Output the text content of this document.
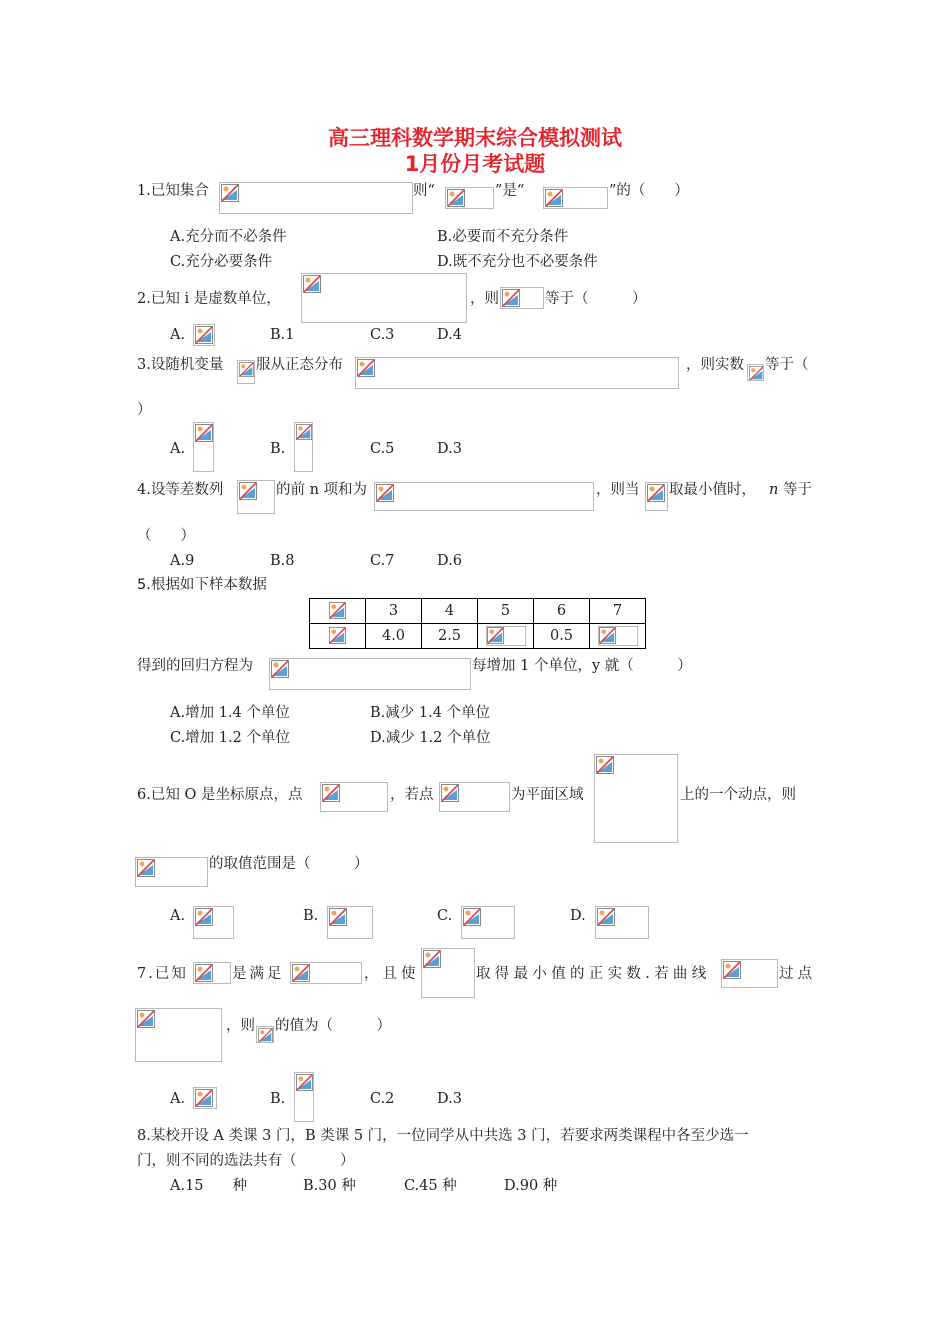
高三理科数学期末综合模拟测试
1月份月考试题
1.已知集合	则“	”是“	”的（　　）
A.充分而不必条件	B.必要而不充分条件
C.充分必要条件	D.既不充分也不必要条件
2.已知 i 是虚数单位，	，则	等于（　　　）
A.	B.1	C.3	D.4
3.设随机变量 服从正态分布	，则实数 等于（
）
A.	B.	C.5	D.3
4.设等差数列	的前 n 项和为	，则当 取最小值时， n 等于
（　　）
A.9	B.8	C.7	D.6
5.根据如下样本数据
	3	4	5	6	7

	4.0	2.5		0.5	
得到的回归方程为	每增加 1 个单位，y 就（　　　）
A.增加 1.4 个单位	B.减少 1.4 个单位
C.增加 1.2 个单位	D.减少 1.2 个单位
6.已知 O 是坐标原点，点	，若点	为平面区域	上的一个动点，则
的取值范围是（　　　）
A.	B.	C.	D.
7.已知	是满足	，且使	取得最小值的正实数.若曲线	过点
，则 的值为（　　　）
A.	B.	C.2	D.3
8.某校开设 A 类课 3 门，B 类课 5 门，一位同学从中共选 3 门，若要求两类课程中各至少选一
门，则不同的选法共有（　　　）
A.15　　种	B.30 种	C.45 种	D.90 种
